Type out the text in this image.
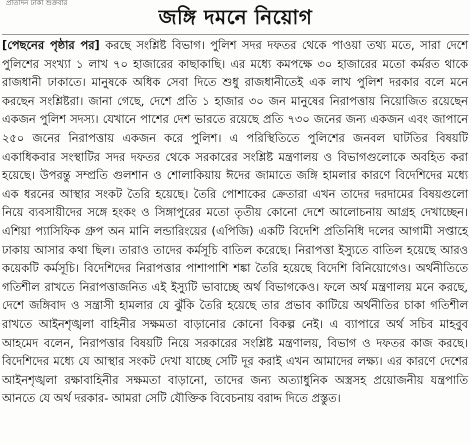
প্রতিদিন ঢাকা শুক্রবার
জঙ্গি দমনে নিয়োগ

[পেছনের পৃষ্ঠার পর] করছে সংশ্লিষ্ট বিভাগ। পুলিশ সদর দফতর থেকে পাওয়া তথ্য মতে, সারা দেশে পুলিশের সংখ্যা ১ লাখ ৭০ হাজারের কাছাকাছি। এর মধ্যে কমপক্ষে ৩০ হাজারের মতো কর্মরত থাকে রাজধানী ঢাকাতে। মানুষকে অধিক সেবা দিতে শুধু রাজধানীতেই এক লাখ পুলিশ দরকার বলে মনে করছেন সংশ্লিষ্টরা। জানা গেছে, দেশে প্রতি ১ হাজার ৩০ জন মানুষের নিরাপত্তায় নিয়োজিত রয়েছেন একজন পুলিশ সদস্য। যেখানে পাশের দেশ ভারতে রয়েছে প্রতি ৭৩০ জনের জন্য একজন এবং জাপানে ২৫০ জনের নিরাপত্তায় একজন করে পুলিশ। এ পরিস্থিতিতে পুলিশের জনবল ঘাটতির বিষয়টি একাধিকবার সংস্থাটির সদর দফতর থেকে সরকারের সংশ্লিষ্ট মন্ত্রণালয় ও বিভাগগুলোকে অবহিত করা হয়েছে। উপরন্তু সম্প্রতি গুলশান ও শোলাকিয়ায় ঈদের জামাতে জঙ্গি হামলার কারণে বিদেশিদের মধ্যে এক ধরনের আস্থার সংকট তৈরি হয়েছে। তৈরি পোশাকের ক্রেতারা এখন তাদের দরদামের বিষয়গুলো নিয়ে ব্যবসায়ীদের সঙ্গে হংকং ও সিঙ্গাপুরের মতো তৃতীয় কোনো দেশে আলোচনায় আগ্রহ দেখাচ্ছেন। এশিয়া প্যাসিফিক গ্রুপ অন মানি লন্ডারিংয়ের (এপিজি) একটি বিদেশি প্রতিনিধি দলের আগামী সপ্তাহে ঢাকায় আসার কথা ছিল। তারাও তাদের কর্মসূচি বাতিল করেছে। নিরাপত্তা ইস্যুতে বাতিল হয়েছে আরও কয়েকটি কর্মসূচি। বিদেশিদের নিরাপত্তার পাশাপাশি শঙ্কা তৈরি হয়েছে বিদেশি বিনিয়োগেও। অর্থনীতিতে গতিশীল রাখতে নিরাপত্তাজনিত এই ইস্যুটি ভাবাচ্ছে অর্থ বিভাগকেও। ফলে অর্থ মন্ত্রণালয় মনে করছে, দেশে জঙ্গিবাদ ও সন্ত্রাসী হামলার যে ঝুঁকি তৈরি হয়েছে তার প্রভাব কাটিয়ে অর্থনীতির চাকা গতিশীল রাখতে আইনশৃঙ্খলা বাহিনীর সক্ষমতা বাড়ানোর কোনো বিকল্প নেই। এ ব্যাপারে অর্থ সচিব মাহবুব আহমেদ বলেন, নিরাপত্তার বিষয়টি নিয়ে সরকারের সংশ্লিষ্ট মন্ত্রণালয়, বিভাগ ও দফতর কাজ করছে। বিদেশিদের মধ্যে যে আস্থার সংকট দেখা যাচ্ছে সেটি দূর করাই এখন আমাদের লক্ষ্য। এর কারণে দেশের আইনশৃঙ্খলা রক্ষাবাহিনীর সক্ষমতা বাড়ানো, তাদের জন্য অত্যাধুনিক অস্ত্রসহ প্রয়োজনীয় যন্ত্রপাতি আনতে যে অর্থ দরকার- আমরা সেটি যৌক্তিক বিবেচনায় বরাদ্দ দিতে প্রস্তুত।
